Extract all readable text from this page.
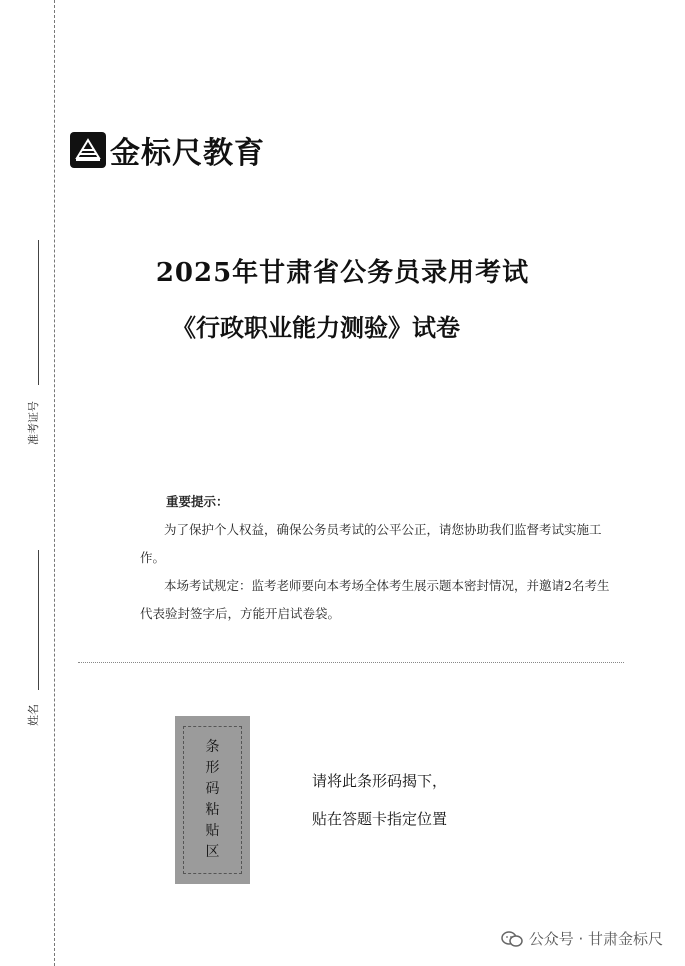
准考证号
姓名
金标尺教育
2025年甘肃省公务员录用考试
《行政职业能力测验》试卷
重要提示：

为了保护个人权益，确保公务员考试的公平公正，请您协助我们监督考试实施工作。

本场考试规定：监考老师要向本考场全体考生展示题本密封情况，并邀请2名考生代表验封签字后，方能开启试卷袋。

条
形
码
粘
贴
区
请将此条形码揭下，
贴在答题卡指定位置
公众号 · 甘肃金标尺
